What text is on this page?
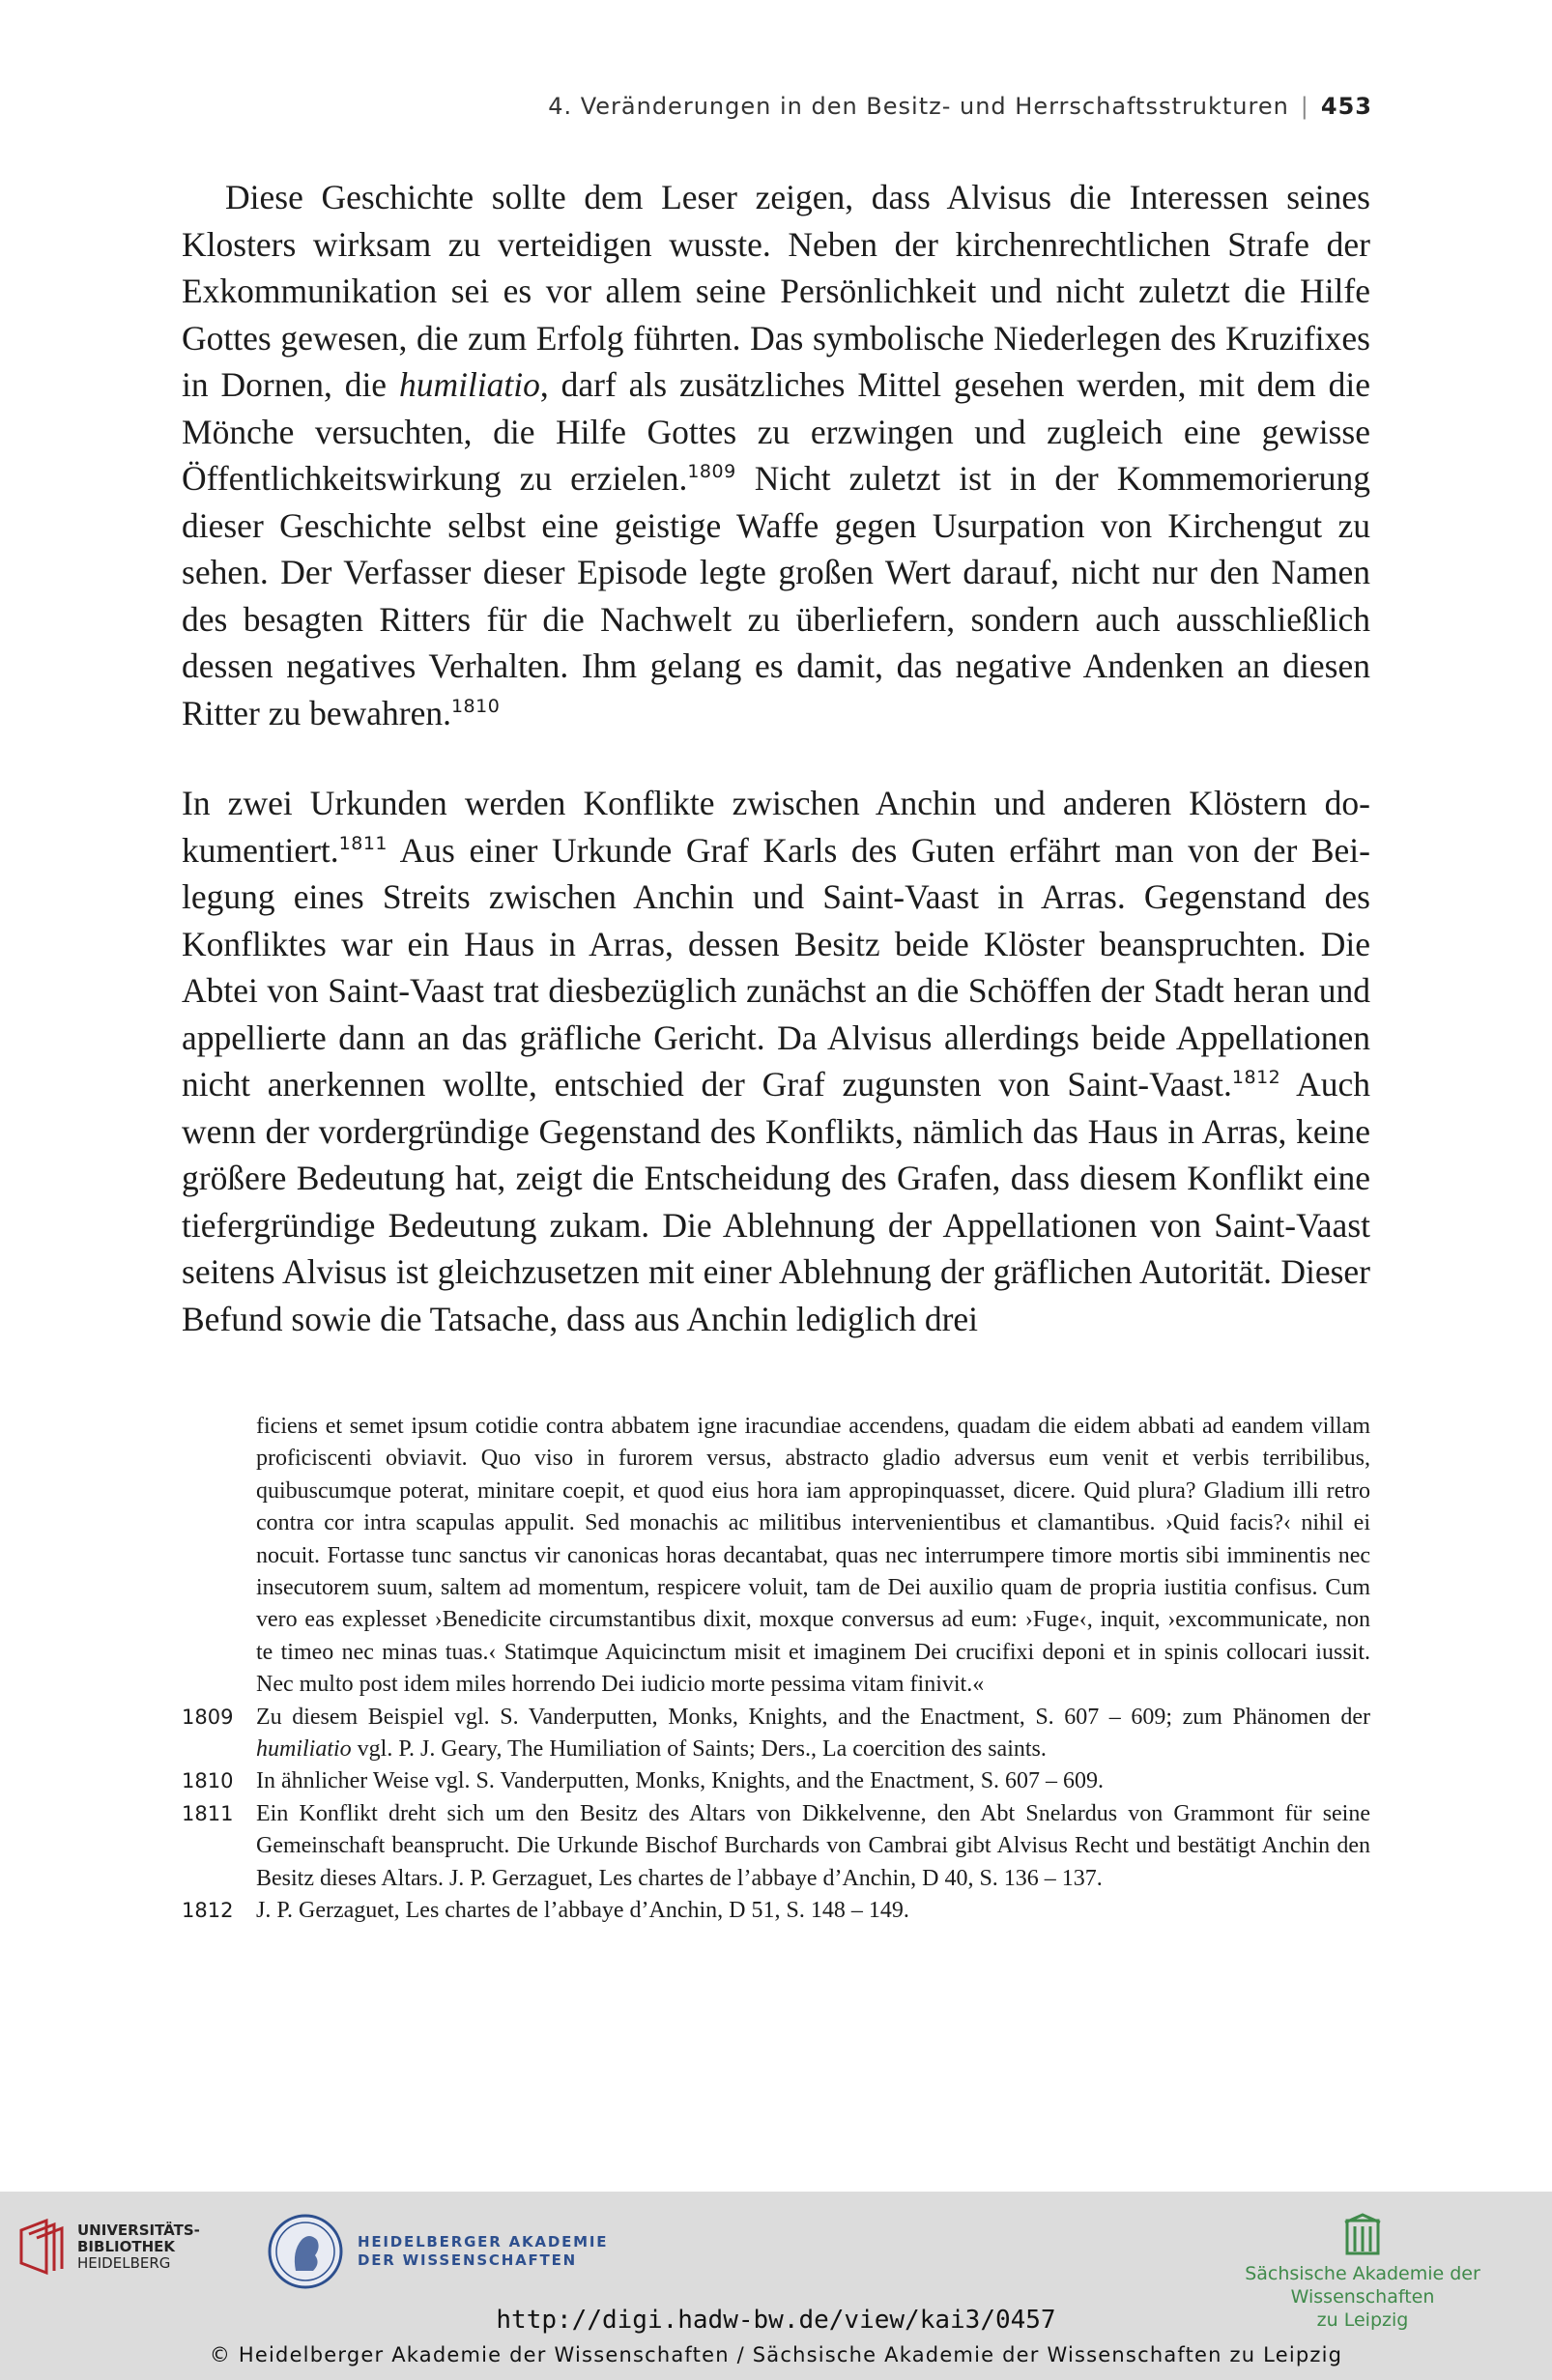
4. Veränderungen in den Besitz- und Herrschaftsstrukturen | 453

Diese Geschichte sollte dem Leser zeigen, dass Alvisus die Interessen seines Klosters wirksam zu verteidigen wusste. Neben der kirchenrechtlichen Strafe der Exkommunikation sei es vor allem seine Persönlichkeit und nicht zuletzt die Hilfe Gottes gewesen, die zum Erfolg führten. Das symbolische Niederlegen des Kruzifixes in Dornen, die humiliatio, darf als zusätzliches Mittel gesehen werden, mit dem die Mönche versuchten, die Hilfe Gottes zu erzwingen und zugleich eine gewisse Öffentlichkeitswirkung zu erzielen.$^{1809}$ Nicht zuletzt ist in der Kommemorierung dieser Geschichte selbst eine geistige Waffe gegen Usurpation von Kirchengut zu sehen. Der Verfasser dieser Episode legte großen Wert darauf, nicht nur den Namen des besagten Ritters für die Nachwelt zu überliefern, sondern auch ausschließlich dessen negatives Verhalten. Ihm gelang es damit, das negative Andenken an diesen Ritter zu bewahren.$^{1810}$

In zwei Urkunden werden Konflikte zwischen Anchin und anderen Klöstern dokumentiert.$^{1811}$ Aus einer Urkunde Graf Karls des Guten erfährt man von der Beilegung eines Streits zwischen Anchin und Saint-Vaast in Arras. Gegenstand des Konfliktes war ein Haus in Arras, dessen Besitz beide Klöster beanspruchten. Die Abtei von Saint-Vaast trat diesbezüglich zunächst an die Schöffen der Stadt heran und appellierte dann an das gräfliche Gericht. Da Alvisus allerdings beide Appellationen nicht anerkennen wollte, entschied der Graf zugunsten von Saint-Vaast.$^{1812}$ Auch wenn der vordergründige Gegenstand des Konflikts, nämlich das Haus in Arras, keine größere Bedeutung hat, zeigt die Entscheidung des Grafen, dass diesem Konflikt eine tiefergründige Bedeutung zukam. Die Ablehnung der Appellationen von Saint-Vaast seitens Alvisus ist gleichzusetzen mit einer Ablehnung der gräflichen Autorität. Dieser Befund sowie die Tatsache, dass aus Anchin lediglich drei

ficiens et semet ipsum cotidie contra abbatem igne iracundiae accendens, quadam die eidem abbati ad eandem villam proficiscenti obviavit. Quo viso in furorem versus, abstracto gladio adversus eum venit et verbis terribilibus, quibuscumque poterat, minitare coepit, et quod eius hora iam appropinquasset, dicere. Quid plura? Gladium illi retro contra cor intra scapulas appulit. Sed monachis ac militibus intervenientibus et clamantibus. ›Quid facis?‹ nihil ei nocuit. Fortasse tunc sanctus vir canonicas horas decantabat, quas nec interrumpere timore mortis sibi imminentis nec insecutorem suum, saltem ad momentum, respicere voluit, tam de Dei auxilio quam de propria iustitia confisus. Cum vero eas explesset ›Benedicite circumstantibus dixit, moxque conversus ad eum: ›Fuge‹, inquit, ›excommunicate, non te timeo nec minas tuas.‹ Statimque Aquicinctum misit et imaginem Dei crucifixi deponi et in spinis collocari iussit. Nec multo post idem miles horrendo Dei iudicio morte pessima vitam finivit.«
1809 Zu diesem Beispiel vgl. S. Vanderputten, Monks, Knights, and the Enactment, S. 607 – 609; zum Phänomen der humiliatio vgl. P. J. Geary, The Humiliation of Saints; Ders., La coercition des saints.
1810 In ähnlicher Weise vgl. S. Vanderputten, Monks, Knights, and the Enactment, S. 607 – 609.
1811 Ein Konflikt dreht sich um den Besitz des Altars von Dikkelvenne, den Abt Snelardus von Grammont für seine Gemeinschaft beansprucht. Die Urkunde Bischof Burchards von Cambrai gibt Alvisus Recht und bestätigt Anchin den Besitz dieses Altars. J. P. Gerzaguet, Les chartes de l’abbaye d’Anchin, D 40, S. 136 – 137.
1812 J. P. Gerzaguet, Les chartes de l’abbaye d’Anchin, D 51, S. 148 – 149.
UNIVERSITÄTS-
BIBLIOTHEK
HEIDELBERG
HEIDELBERGER AKADEMIE
DER WISSENSCHAFTEN
Sächsische Akademie der Wissenschaften
zu Leipzig
http://digi.hadw-bw.de/view/kai3/0457
© Heidelberger Akademie der Wissenschaften / Sächsische Akademie der Wissenschaften zu Leipzig
